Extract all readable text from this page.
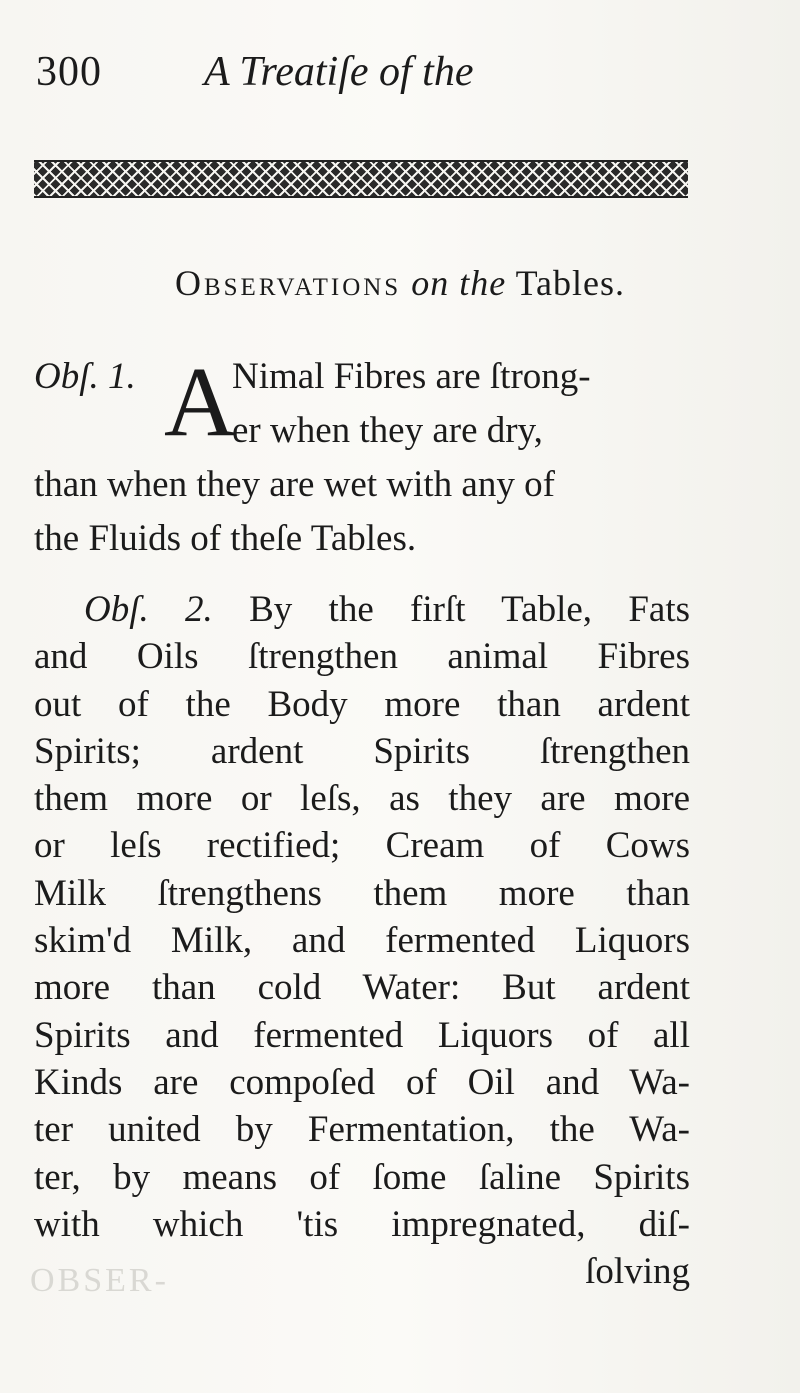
300 A Treatiſe of the
Observations on the Tables.
A
Obſ. 1.	Nimal Fibres are ſtrong-
er when they are dry,
than when they are wet with any of
the Fluids of theſe Tables.
Obſ. 2. By the firſt Table, Fats
and Oils ſtrengthen animal Fibres
out of the Body more than ardent
Spirits; ardent Spirits ſtrengthen
them more or leſs, as they are more
or leſs rectified; Cream of Cows
Milk ſtrengthens them more than
skim'd Milk, and fermented Liquors
more than cold Water: But ardent
Spirits and fermented Liquors of all
Kinds are compoſed of Oil and Wa-
ter united by Fermentation, the Wa-
ter, by means of ſome ſaline Spirits
with which 'tis impregnated, diſ-
ſolving
OBSER-
